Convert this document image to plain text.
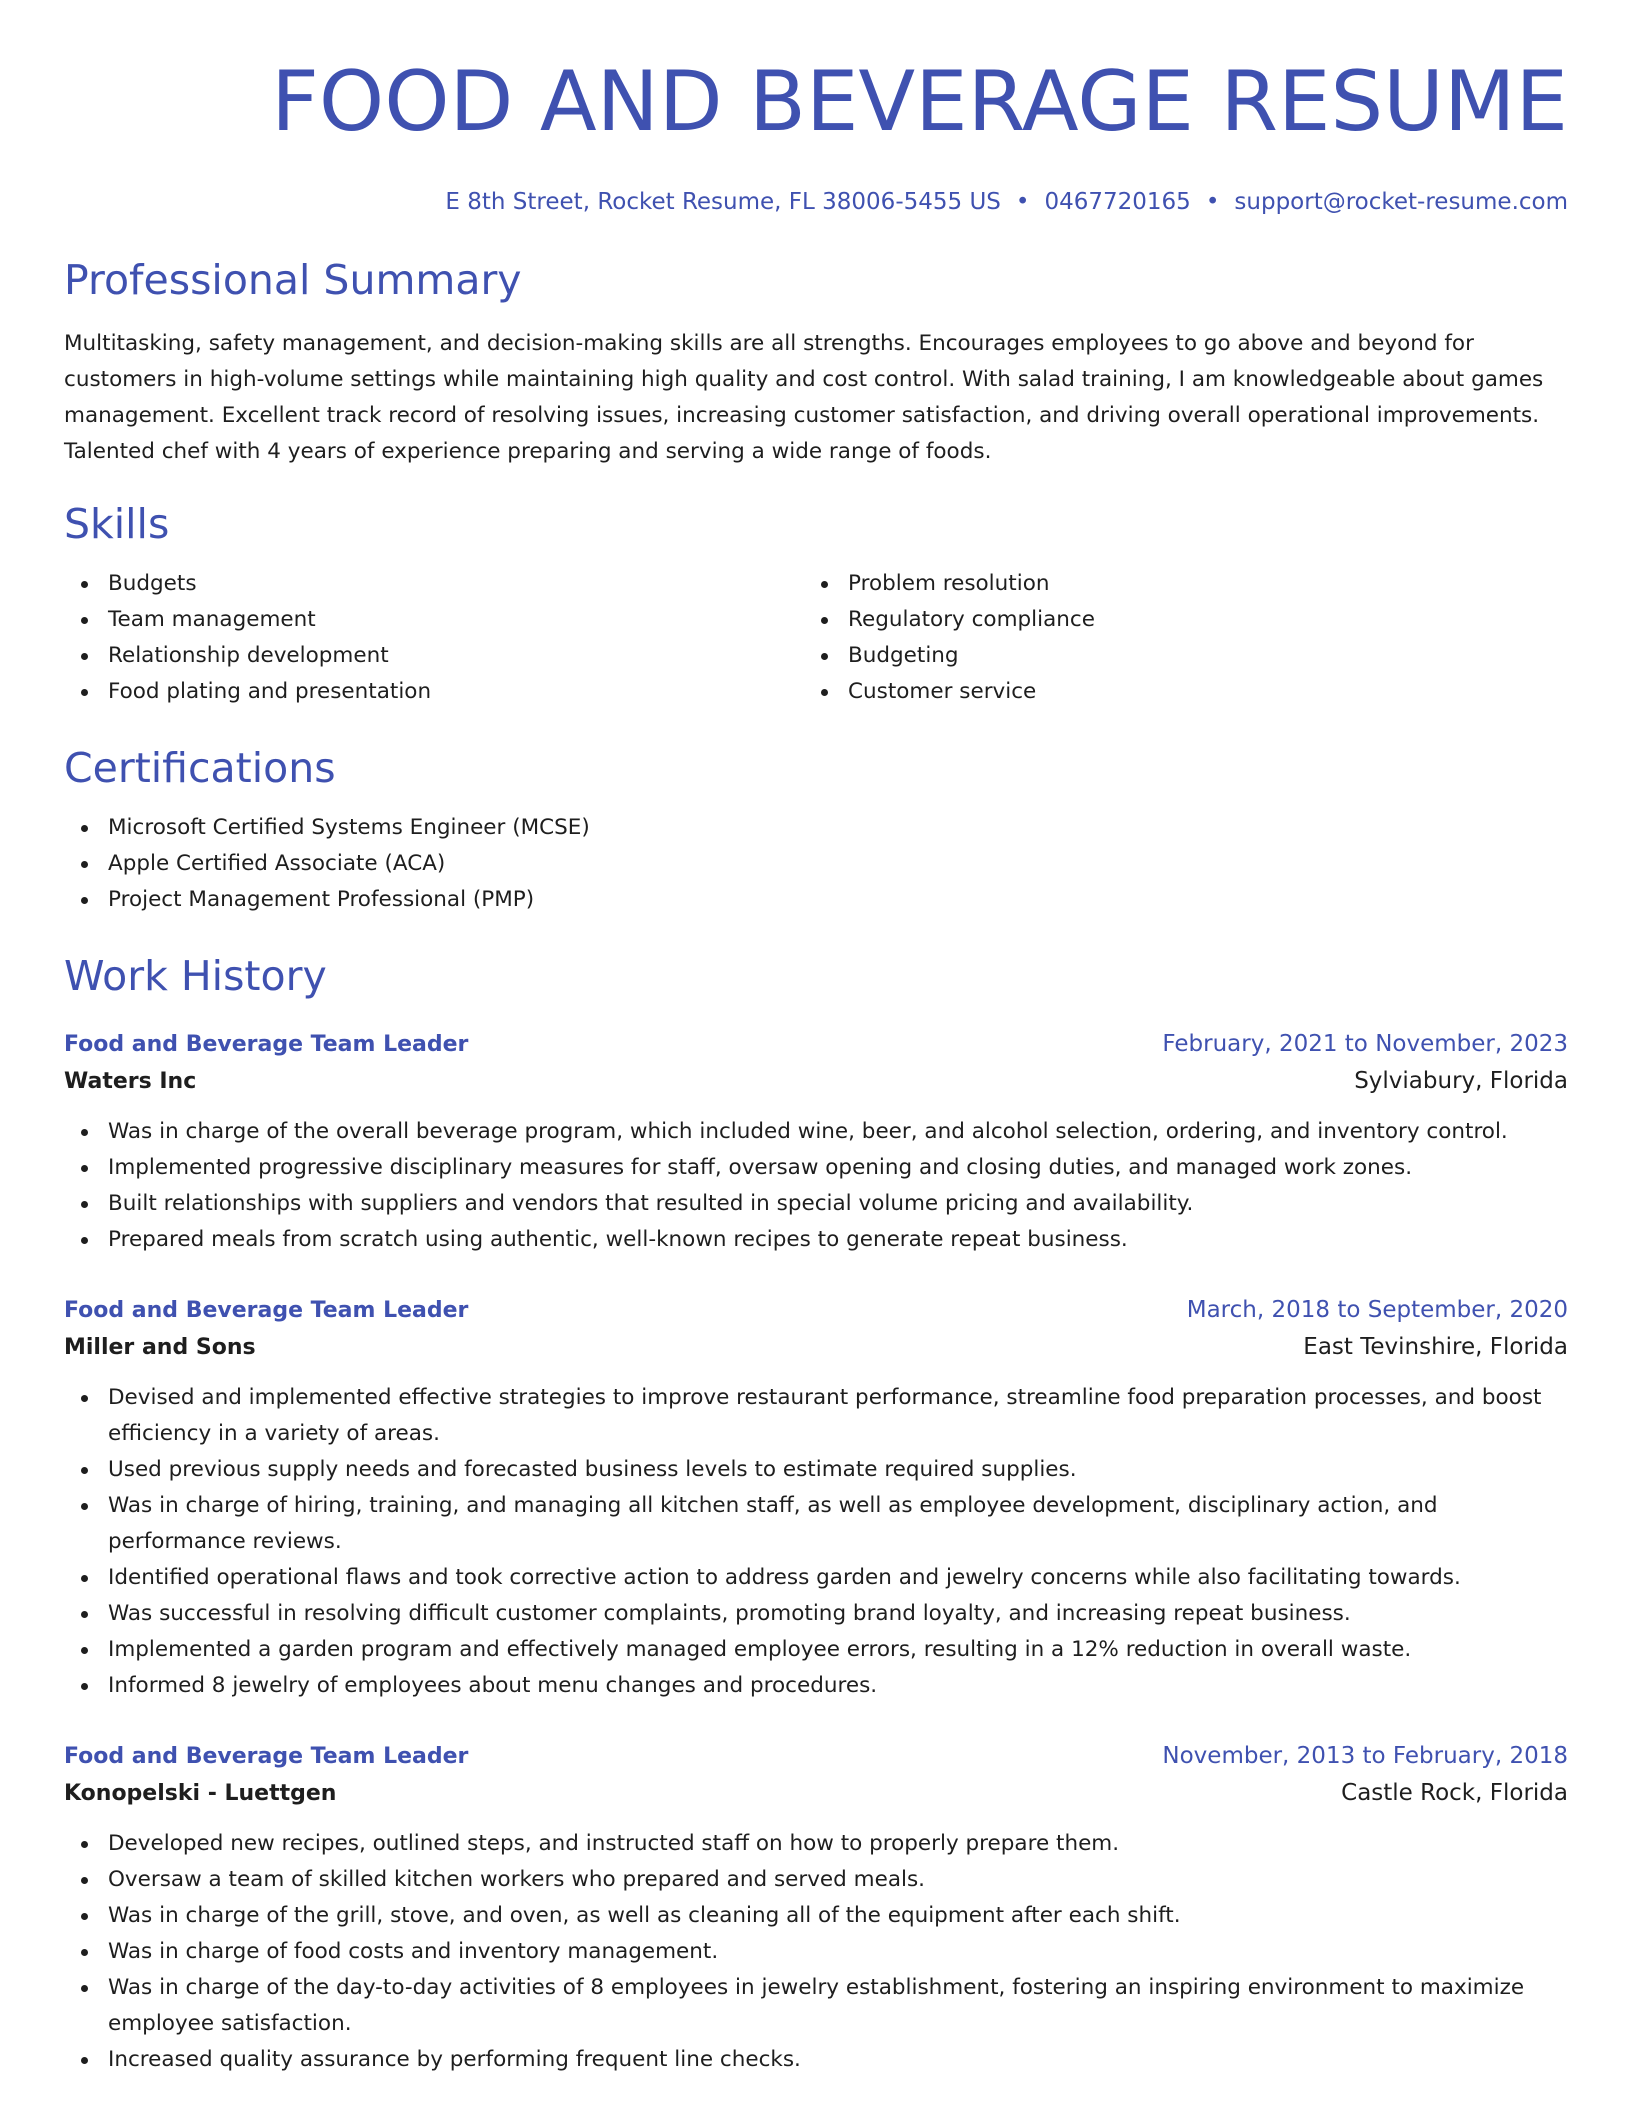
FOOD AND BEVERAGE RESUME
E 8th Street, Rocket Resume, FL 38006-5455 US • 0467720165 • support@rocket-resume.com
Professional Summary
Multitasking, safety management, and decision-making skills are all strengths. Encourages employees to go above and beyond for customers in high-volume settings while maintaining high quality and cost control. With salad training, I am knowledgeable about games management. Excellent track record of resolving issues, increasing customer satisfaction, and driving overall operational improvements. Talented chef with 4 years of experience preparing and serving a wide range of foods.
Skills
Budgets
Team management
Relationship development
Food plating and presentation
Problem resolution
Regulatory compliance
Budgeting
Customer service
Certifications
Microsoft Certified Systems Engineer (MCSE)
Apple Certified Associate (ACA)
Project Management Professional (PMP)
Work History
Food and Beverage Team Leader	February, 2021 to November, 2023
Waters Inc	Sylviabury, Florida
Was in charge of the overall beverage program, which included wine, beer, and alcohol selection, ordering, and inventory control.
Implemented progressive disciplinary measures for staff, oversaw opening and closing duties, and managed work zones.
Built relationships with suppliers and vendors that resulted in special volume pricing and availability.
Prepared meals from scratch using authentic, well-known recipes to generate repeat business.
Food and Beverage Team Leader	March, 2018 to September, 2020
Miller and Sons	East Tevinshire, Florida
Devised and implemented effective strategies to improve restaurant performance, streamline food preparation processes, and boost efficiency in a variety of areas.
Used previous supply needs and forecasted business levels to estimate required supplies.
Was in charge of hiring, training, and managing all kitchen staff, as well as employee development, disciplinary action, and performance reviews.
Identified operational flaws and took corrective action to address garden and jewelry concerns while also facilitating towards.
Was successful in resolving difficult customer complaints, promoting brand loyalty, and increasing repeat business.
Implemented a garden program and effectively managed employee errors, resulting in a 12% reduction in overall waste.
Informed 8 jewelry of employees about menu changes and procedures.
Food and Beverage Team Leader	November, 2013 to February, 2018
Konopelski - Luettgen	Castle Rock, Florida
Developed new recipes, outlined steps, and instructed staff on how to properly prepare them.
Oversaw a team of skilled kitchen workers who prepared and served meals.
Was in charge of the grill, stove, and oven, as well as cleaning all of the equipment after each shift.
Was in charge of food costs and inventory management.
Was in charge of the day-to-day activities of 8 employees in jewelry establishment, fostering an inspiring environment to maximize employee satisfaction.
Increased quality assurance by performing frequent line checks.
